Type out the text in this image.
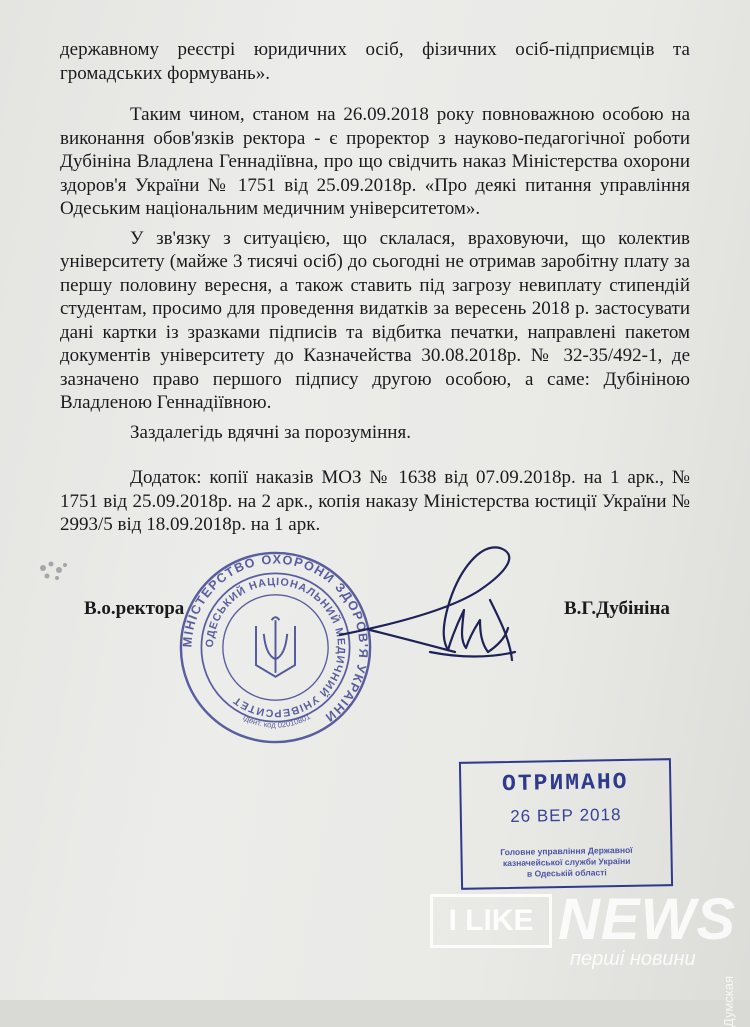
державному реєстрі юридичних осіб, фізичних осіб-підприємців та громадських формувань».

Таким чином, станом на 26.09.2018 року повноважною особою на виконання обов'язків ректора - є проректор з науково-педагогічної роботи Дубініна Владлена Геннадіївна, про що свідчить наказ Міністерства охорони здоров'я України № 1751 від 25.09.2018р. «Про деякі питання управління Одеським національним медичним університетом».

У зв'язку з ситуацією, що склалася, враховуючи, що колектив університету (майже 3 тисячі осіб) до сьогодні не отримав заробітну плату за першу половину вересня, а також ставить під загрозу невиплату стипендій студентам, просимо для проведення видатків за вересень 2018 р. застосувати дані картки із зразками підписів та відбитка печатки, направлені пакетом документів університету до Казначейства 30.08.2018р. № 32-35/492-1, де зазначено право першого підпису другою особою, а саме: Дубініною Владленою Геннадіївною.

Заздалегідь вдячні за порозуміння.

Додаток: копії наказів МОЗ № 1638 від 07.09.2018р. на 1 арк., № 1751 від 25.09.2018р. на 2 арк., копія наказу Міністерства юстиції України № 2993/5 від 18.09.2018р. на 1 арк.

В.о.ректора	В.Г.Дубініна
МІНІСТЕРСТВО ОХОРОНИ ЗДОРОВ'Я УКРАЇНИ
ОДЕСЬКИЙ НАЦІОНАЛЬНИЙ МЕДИЧНИЙ УНІВЕРСИТЕТ
Ідент. код 02010801
ОТРИМАНО
26 ВЕР 2018
Головне управління Державної
казначейської служби України
в Одеській області
I LIKE NEWS
перші новини
Думская
